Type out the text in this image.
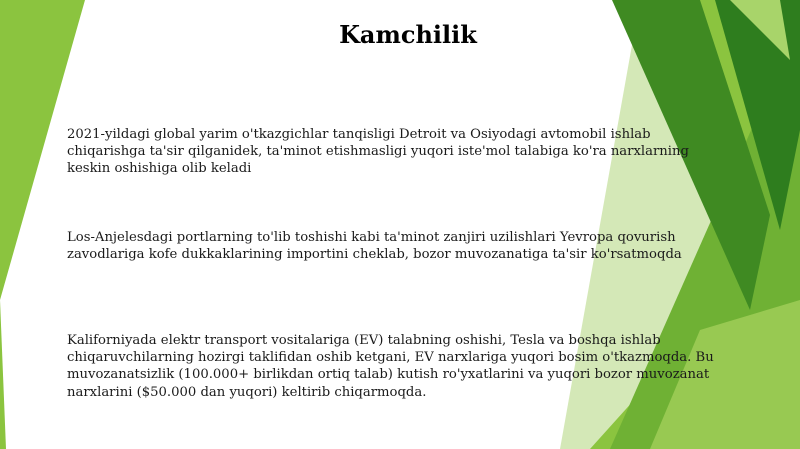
Kamchilik
2021-yildagi global yarim o'tkazgichlar tanqisligi Detroit va Osiyodagi avtomobil ishlab
chiqarishga ta'sir qilganidek, ta'minot etishmasligi yuqori iste'mol talabiga ko'ra narxlarning
keskin oshishiga olib keladi
Los-Anjelesdagi portlarning to'lib toshishi kabi ta'minot zanjiri uzilishlari Yevropa qovurish
zavodlariga kofe dukkaklarining importini cheklab, bozor muvozanatiga ta'sir ko'rsatmoqda
Kaliforniyada elektr transport vositalariga (EV) talabning oshishi, Tesla va boshqa ishlab
chiqaruvchilarning hozirgi taklifidan oshib ketgani, EV narxlariga yuqori bosim o'tkazmoqda. Bu
muvozanatsizlik (100.000+ birlikdan ortiq talab) kutish ro'yxatlarini va yuqori bozor muvozanat
narxlarini ($50.000 dan yuqori) keltirib chiqarmoqda.
